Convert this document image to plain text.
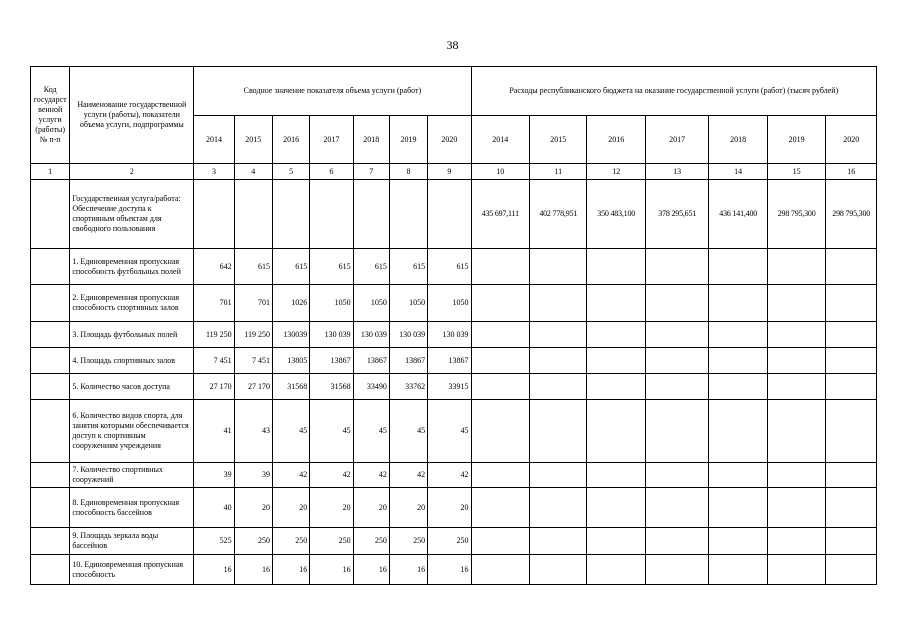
38
Код государст венной услуги (работы) № п-п	Наименование государственной услуги (работы), показатели объема услуги, подпрограммы	Сводное значение показателя объема услуги (работ)							Расходы республиканского бюджета на оказание государственной услуги (работ) (тысяч рублей)						
		2014	2015	2016	2017	2018	2019	2020	2014	2015	2016	2017	2018	2019	2020
1	2	3	4	5	6	7	8	9	10	11	12	13	14	15	16
	Государственная услуга/работа: Обеспечение доступа к спортивным объектам для свободного пользования								435 697,111	402 778,951	350 483,100	378 295,651	436 141,400	298 795,300	298 795,300
	1. Единовременная пропускная способность футбольных полей	642	615	615	615	615	615	615							
	2. Единовременная пропускная способность спортивных залов	701	701	1026	1050	1050	1050	1050							
	3. Площадь футбольных полей	119 250	119 250	130039	130 039	130 039	130 039	130 039							
	4. Площадь спортивных залов	7 451	7 451	13805	13867	13867	13867	13867							
	5. Количество часов доступа	27 170	27 170	31568	31568	33490	33762	33915							
	6. Количество видов спорта, для занятия которыми обеспечивается доступ к спортивным сооружениям учреждения	41	43	45	45	45	45	45							
	7. Количество спортивных сооружений	39	39	42	42	42	42	42							
	8. Единовременная пропускная способность бассейнов	40	20	20	20	20	20	20							
	9. Площадь зеркала воды бассейнов	525	250	250	250	250	250	250							
	10. Единовременная пропускная способность	16	16	16	16	16	16	16							
